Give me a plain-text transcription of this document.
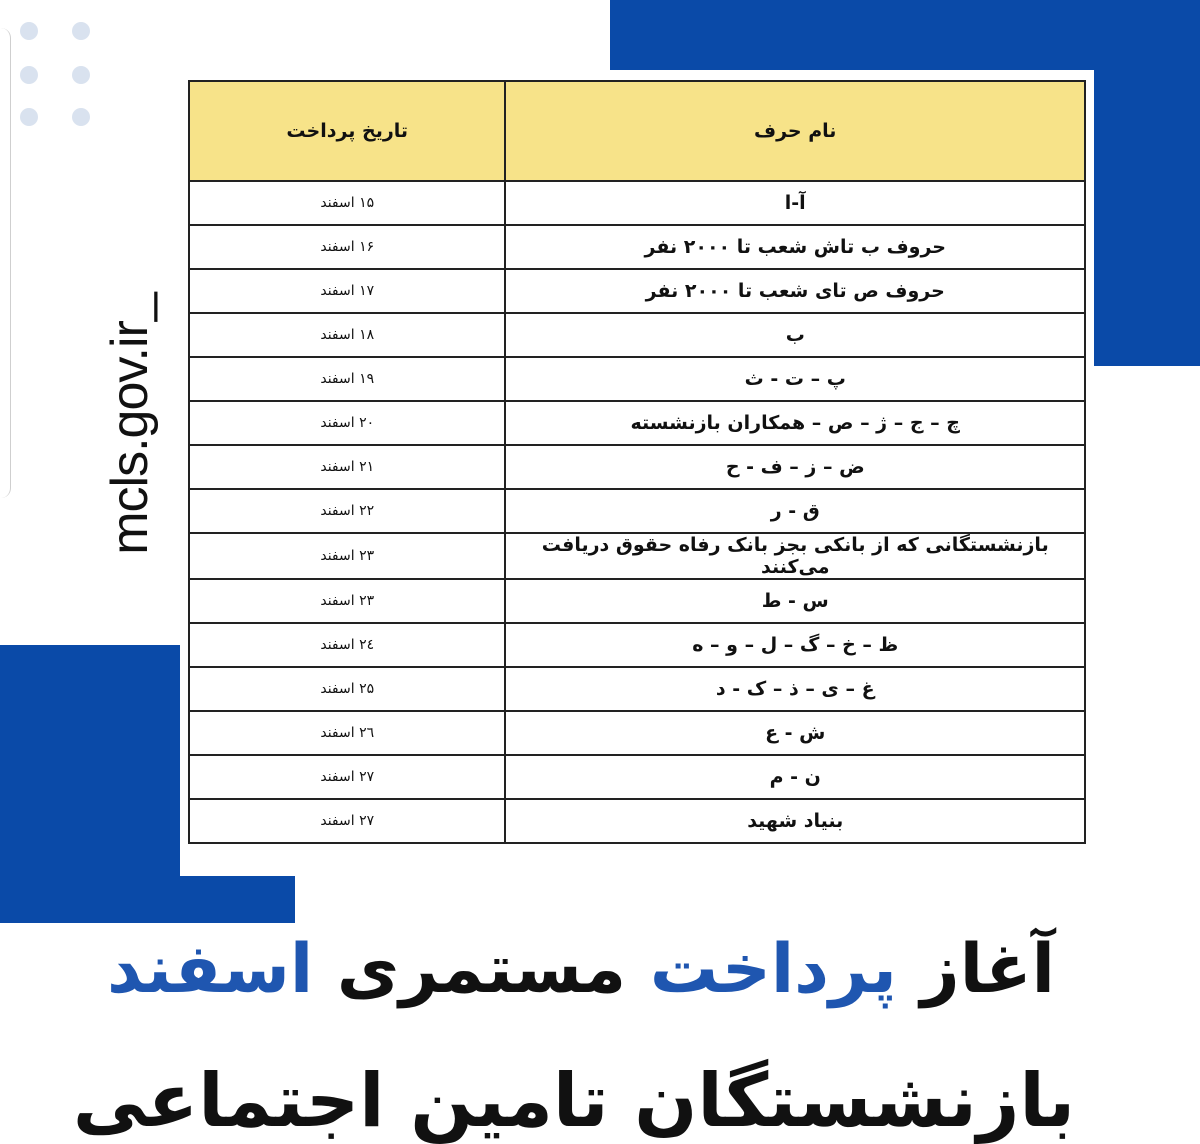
mcls.gov.ir_
نام حرف	تاریخ پرداخت
آ-ا	۱۵ اسفند
حروف ب تاش شعب تا ۲۰۰۰ نفر	۱۶ اسفند
حروف ص تای شعب تا ۲۰۰۰ نفر	۱۷ اسفند
ب	۱۸ اسفند
پ – ت - ث	۱۹ اسفند
چ – ج – ژ – ص – همکاران بازنشسته	۲۰ اسفند
ض – ز – ف - ح	۲۱ اسفند
ق - ر	۲۲ اسفند
بازنشستگانی که از بانکی بجز بانک رفاه حقوق دریافت می‌کنند	۲۳ اسفند
س - ط	۲۳ اسفند
ظ – خ – گ – ل – و – ه	۲٤ اسفند
غ – ی – ذ – ک - د	۲۵ اسفند
ش - ع	۲٦ اسفند
ن - م	۲۷ اسفند
بنیاد شهید	۲۷ اسفند
آغاز پرداخت مستمری اسفند
بازنشستگان تامین اجتماعی
